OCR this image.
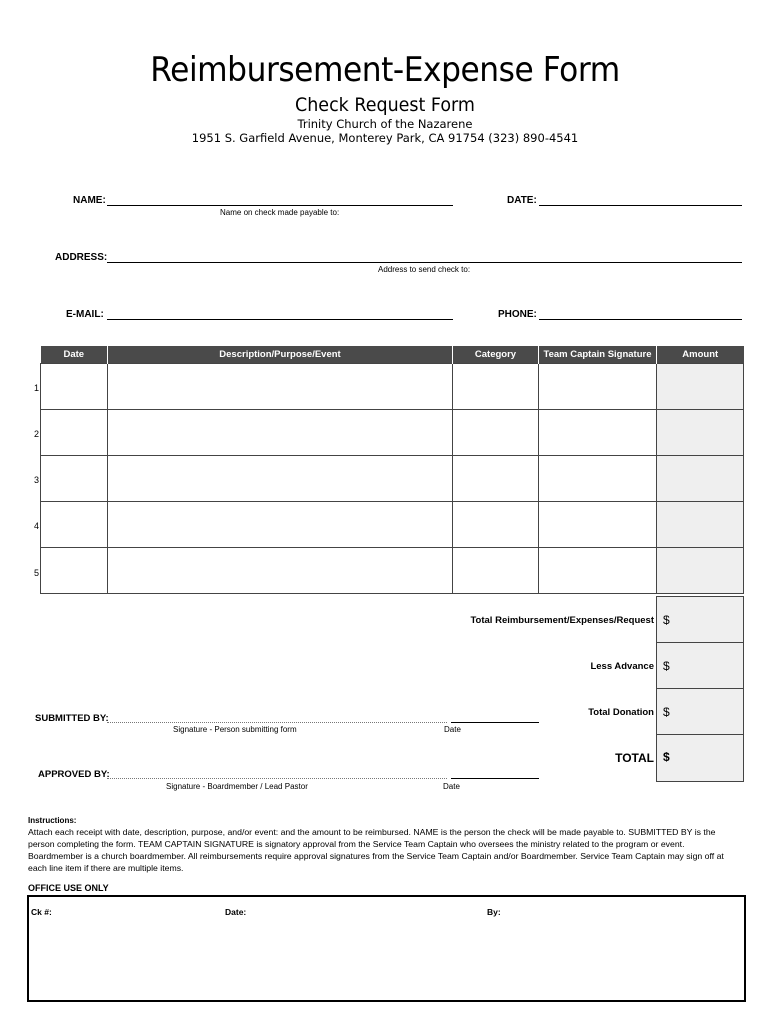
Reimbursement-Expense Form
Check Request Form
Trinity Church of the Nazarene
1951 S. Garfield Avenue, Monterey Park, CA 91754 (323) 890-4541
NAME:
Name on check made payable to:
DATE:
ADDRESS:
Address to send check to:
E-MAIL:	PHONE:
Date	Description/Purpose/Event	Category	Team Captain Signature	Amount

1
2
3
4
5
Total Reimbursement/Expenses/Request $
Less Advance $
Total Donation $
TOTAL $
SUBMITTED BY:
Signature - Person submitting form	Date
APPROVED BY:
Signature - Boardmember / Lead Pastor	Date
Instructions:
Attach each receipt with date, description, purpose, and/or event: and the amount to be reimbursed. NAME is the person the check will be made payable to. SUBMITTED BY is the
person completing the form. TEAM CAPTAIN SIGNATURE is signatory approval from the Service Team Captain who oversees the ministry related to the program or event.
Boardmember is a church boardmember. All reimbursements require approval signatures from the Service Team Captain and/or Boardmember. Service Team Captain may sign off at
each line item if there are multiple items.
OFFICE USE ONLY
Ck #:	Date:	By:
